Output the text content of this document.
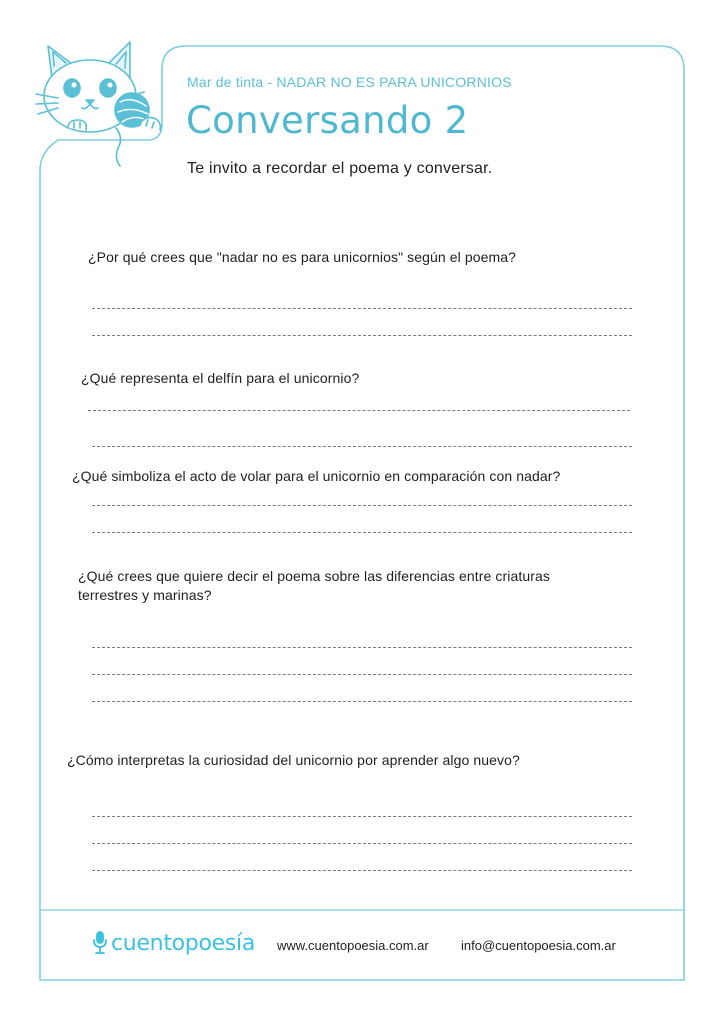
Mar de tinta - NADAR NO ES PARA UNICORNIOS
Conversando 2
Te invito a recordar el poema y conversar.
¿Por qué crees que "nadar no es para unicornios" según el poema?
¿Qué representa el delfín para el unicornio?
¿Qué simboliza el acto de volar para el unicornio en comparación con nadar?
¿Qué crees que quiere decir el poema sobre las diferencias entre criaturas terrestres y marinas?
¿Cómo interpretas la curiosidad del unicornio por aprender algo nuevo?
cuentopoesía www.cuentopoesia.com.ar info@cuentopoesia.com.ar
